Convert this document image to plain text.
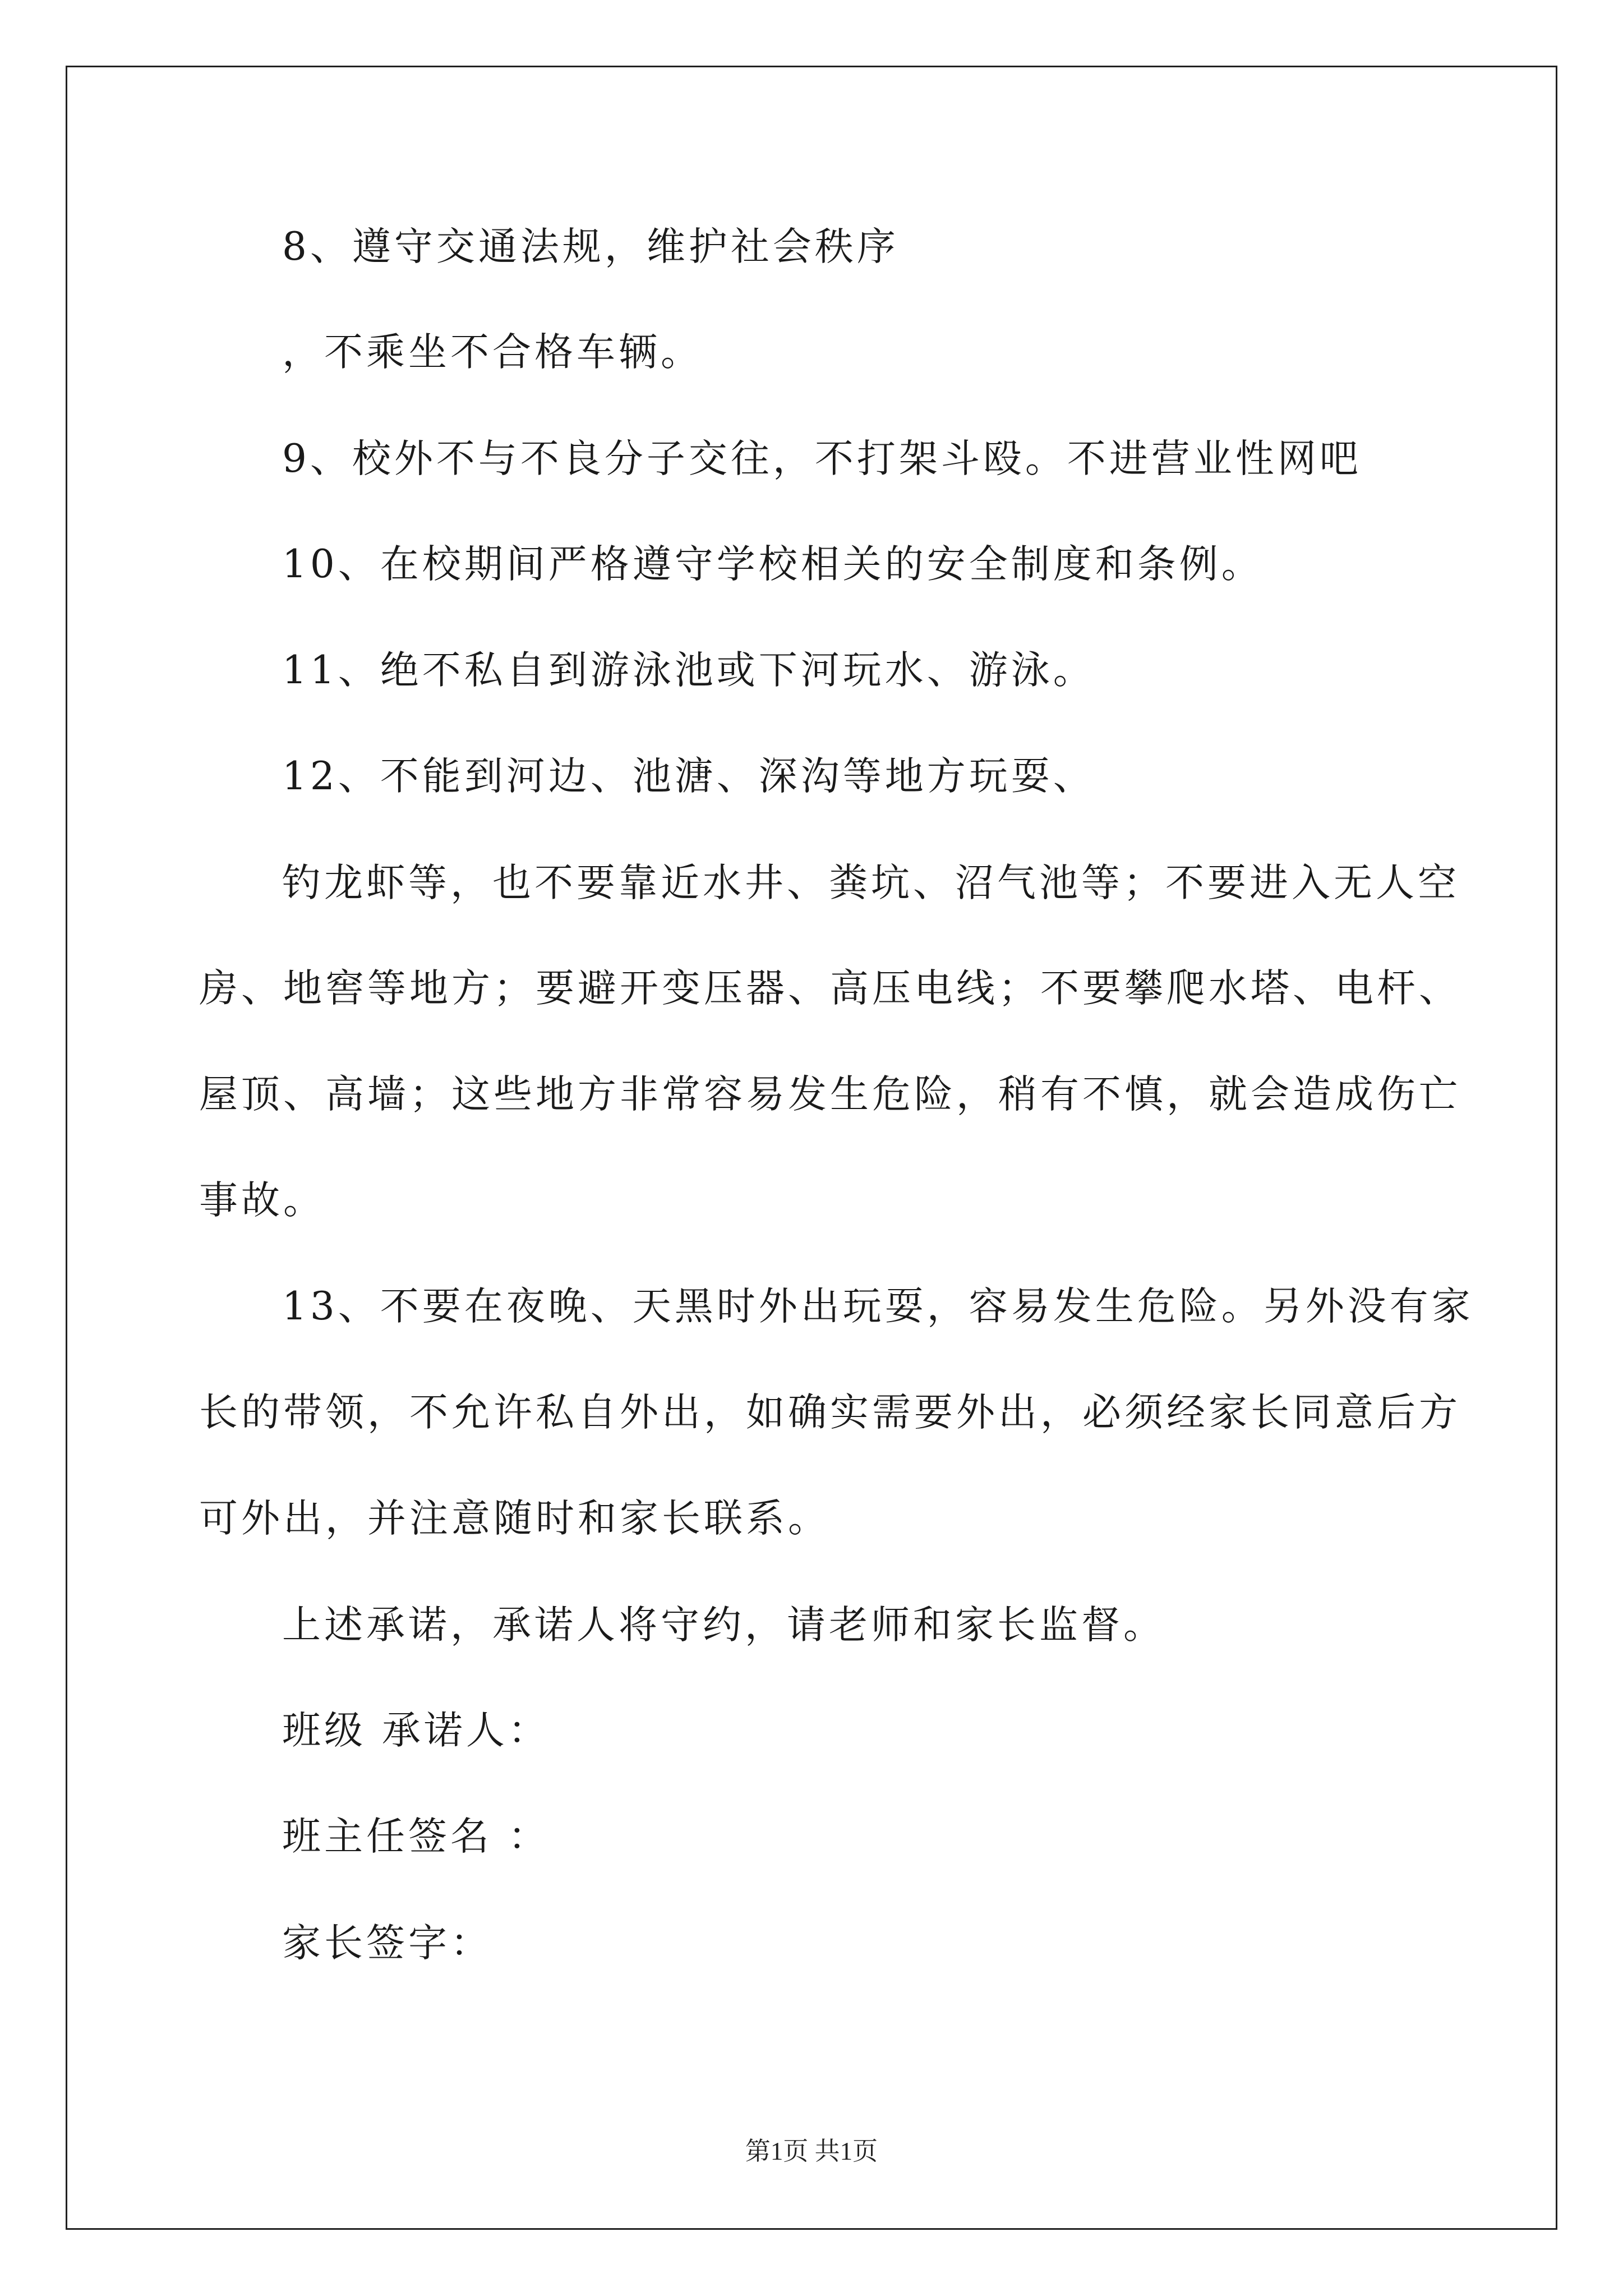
8、遵守交通法规，维护社会秩序
，不乘坐不合格车辆。
9、校外不与不良分子交往，不打架斗殴。不进营业性网吧
10、在校期间严格遵守学校相关的安全制度和条例。
11、绝不私自到游泳池或下河玩水、游泳。
12、不能到河边、池溏、深沟等地方玩耍、
钓龙虾等，也不要靠近水井、粪坑、沼气池等；不要进入无人空
房、地窖等地方；要避开变压器、高压电线；不要攀爬水塔、电杆、
屋顶、高墙；这些地方非常容易发生危险，稍有不慎，就会造成伤亡
事故。
13、不要在夜晚、天黑时外出玩耍，容易发生危险。另外没有家
长的带领，不允许私自外出，如确实需要外出，必须经家长同意后方
可外出，并注意随时和家长联系。
上述承诺，承诺人将守约，请老师和家长监督。
班级 承诺人：
班主任签名 ：
家长签字：
第1页 共1页
